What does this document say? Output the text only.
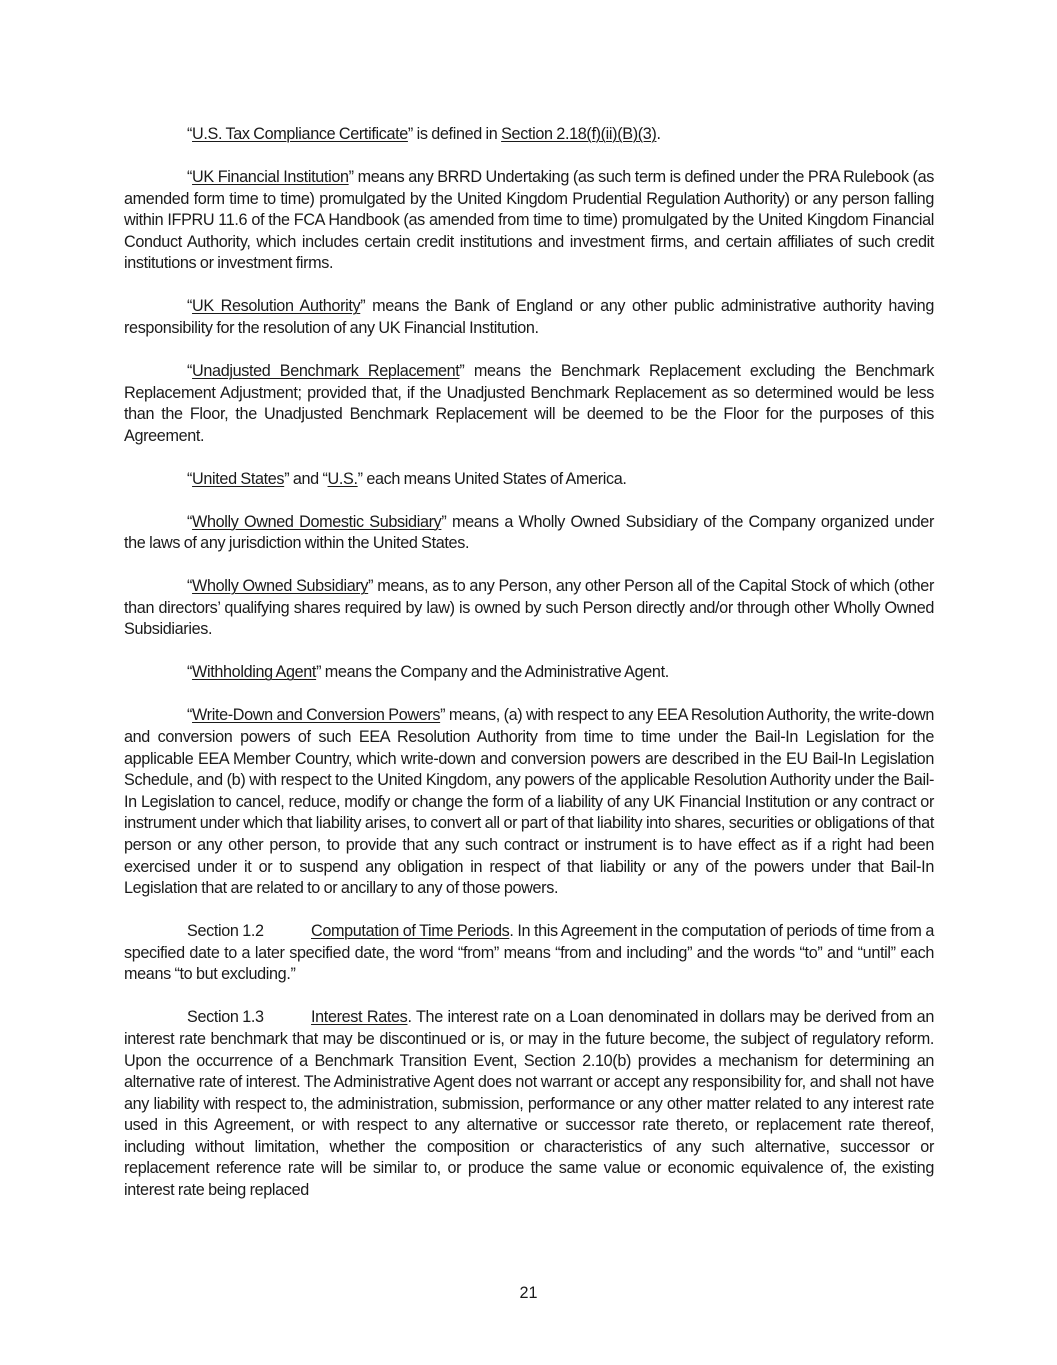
“U.S. Tax Compliance Certificate” is defined in Section 2.18(f)(ii)(B)(3).

“UK Financial Institution” means any BRRD Undertaking (as such term is defined under the PRA Rulebook (as amended form time to time) promulgated by the United Kingdom Prudential Regulation Authority) or any person falling within IFPRU 11.6 of the FCA Handbook (as amended from time to time) promulgated by the United Kingdom Financial Conduct Authority, which includes certain credit institutions and investment firms, and certain affiliates of such credit institutions or investment firms.

“UK Resolution Authority” means the Bank of England or any other public administrative authority having responsibility for the resolution of any UK Financial Institution.

“Unadjusted Benchmark Replacement” means the Benchmark Replacement excluding the Benchmark Replacement Adjustment; provided that, if the Unadjusted Benchmark Replacement as so determined would be less than the Floor, the Unadjusted Benchmark Replacement will be deemed to be the Floor for the purposes of this Agreement.

“United States” and “U.S.” each means United States of America.

“Wholly Owned Domestic Subsidiary” means a Wholly Owned Subsidiary of the Company organized under the laws of any jurisdiction within the United States.

“Wholly Owned Subsidiary” means, as to any Person, any other Person all of the Capital Stock of which (other than directors’ qualifying shares required by law) is owned by such Person directly and/or through other Wholly Owned Subsidiaries.

“Withholding Agent” means the Company and the Administrative Agent.

“Write-Down and Conversion Powers” means, (a) with respect to any EEA Resolution Authority, the write-down and conversion powers of such EEA Resolution Authority from time to time under the Bail-In Legislation for the applicable EEA Member Country, which write-down and conversion powers are described in the EU Bail-In Legislation Schedule, and (b) with respect to the United Kingdom, any powers of the applicable Resolution Authority under the Bail-In Legislation to cancel, reduce, modify or change the form of a liability of any UK Financial Institution or any contract or instrument under which that liability arises, to convert all or part of that liability into shares, securities or obligations of that person or any other person, to provide that any such contract or instrument is to have effect as if a right had been exercised under it or to suspend any obligation in respect of that liability or any of the powers under that Bail-In Legislation that are related to or ancillary to any of those powers.

Section 1.2	Computation of Time Periods. In this Agreement in the computation of periods of time from a specified date to a later specified date, the word “from” means “from and including” and the words “to” and “until” each means “to but excluding.”

Section 1.3	Interest Rates. The interest rate on a Loan denominated in dollars may be derived from an interest rate benchmark that may be discontinued or is, or may in the future become, the subject of regulatory reform. Upon the occurrence of a Benchmark Transition Event, Section 2.10(b) provides a mechanism for determining an alternative rate of interest. The Administrative Agent does not warrant or accept any responsibility for, and shall not have any liability with respect to, the administration, submission, performance or any other matter related to any interest rate used in this Agreement, or with respect to any alternative or successor rate thereto, or replacement rate thereof, including without limitation, whether the composition or characteristics of any such alternative, successor or replacement reference rate will be similar to, or produce the same value or economic equivalence of, the existing interest rate being replaced

21
